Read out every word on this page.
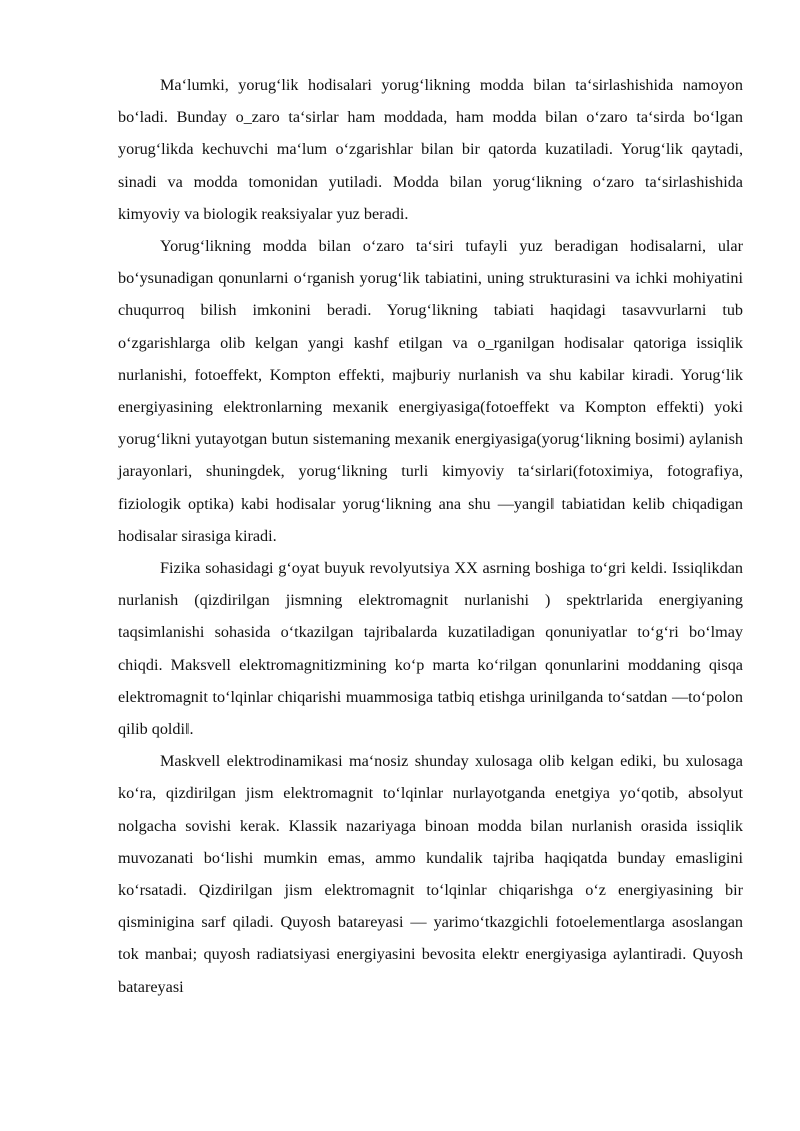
Ma‘lumki, yorug‘lik hodisalari yorug‘likning modda bilan ta‘sirlashishida namoyon bo‘ladi. Bunday o_zaro ta‘sirlar ham moddada, ham modda bilan o‘zaro ta‘sirda bo‘lgan yorug‘likda kechuvchi ma‘lum o‘zgarishlar bilan bir qatorda kuzatiladi. Yorug‘lik qaytadi, sinadi va modda tomonidan yutiladi. Modda bilan yorug‘likning o‘zaro ta‘sirlashishida kimyoviy va biologik reaksiyalar yuz beradi.

Yorug‘likning modda bilan o‘zaro ta‘siri tufayli yuz beradigan hodisalarni, ular bo‘ysunadigan qonunlarni o‘rganish yorug‘lik tabiatini, uning strukturasini va ichki mohiyatini chuqurroq bilish imkonini beradi. Yorug‘likning tabiati haqidagi tasavvurlarni tub o‘zgarishlarga olib kelgan yangi kashf etilgan va o_rganilgan hodisalar qatoriga issiqlik nurlanishi, fotoeffekt, Kompton effekti, majburiy nurlanish va shu kabilar kiradi. Yorug‘lik energiyasining elektronlarning mexanik energiyasiga(fotoeffekt va Kompton effekti) yoki yorug‘likni yutayotgan butun sistemaning mexanik energiyasiga(yorug‘likning bosimi) aylanish jarayonlari, shuningdek, yorug‘likning turli kimyoviy ta‘sirlari(fotoximiya, fotografiya, fiziologik optika) kabi hodisalar yorug‘likning ana shu ―yangi‖ tabiatidan kelib chiqadigan hodisalar sirasiga kiradi.

Fizika sohasidagi g‘oyat buyuk revolyutsiya XX asrning boshiga to‘gri keldi. Issiqlikdan nurlanish (qizdirilgan jismning elektromagnit nurlanishi ) spektrlarida energiyaning taqsimlanishi sohasida o‘tkazilgan tajribalarda kuzatiladigan qonuniyatlar to‘g‘ri bo‘lmay chiqdi. Maksvell elektromagnitizmining ko‘p marta ko‘rilgan qonunlarini moddaning qisqa elektromagnit to‘lqinlar chiqarishi muammosiga tatbiq etishga urinilganda to‘satdan ―to‘polon qilib qoldi‖.

Maskvell elektrodinamikasi ma‘nosiz shunday xulosaga olib kelgan ediki, bu xulosaga ko‘ra, qizdirilgan jism elektromagnit to‘lqinlar nurlayotganda enetgiya yo‘qotib, absolyut nolgacha sovishi kerak. Klassik nazariyaga binoan modda bilan nurlanish orasida issiqlik muvozanati bo‘lishi mumkin emas, ammo kundalik tajriba haqiqatda bunday emasligini ko‘rsatadi. Qizdirilgan jism elektromagnit to‘lqinlar chiqarishga o‘z energiyasining bir qisminigina sarf qiladi. Quyosh batareyasi ― yarimo‘tkazgichli fotoelementlarga asoslangan tok manbai; quyosh radiatsiyasi energiyasini bevosita elektr energiyasiga aylantiradi. Quyosh batareyasi
